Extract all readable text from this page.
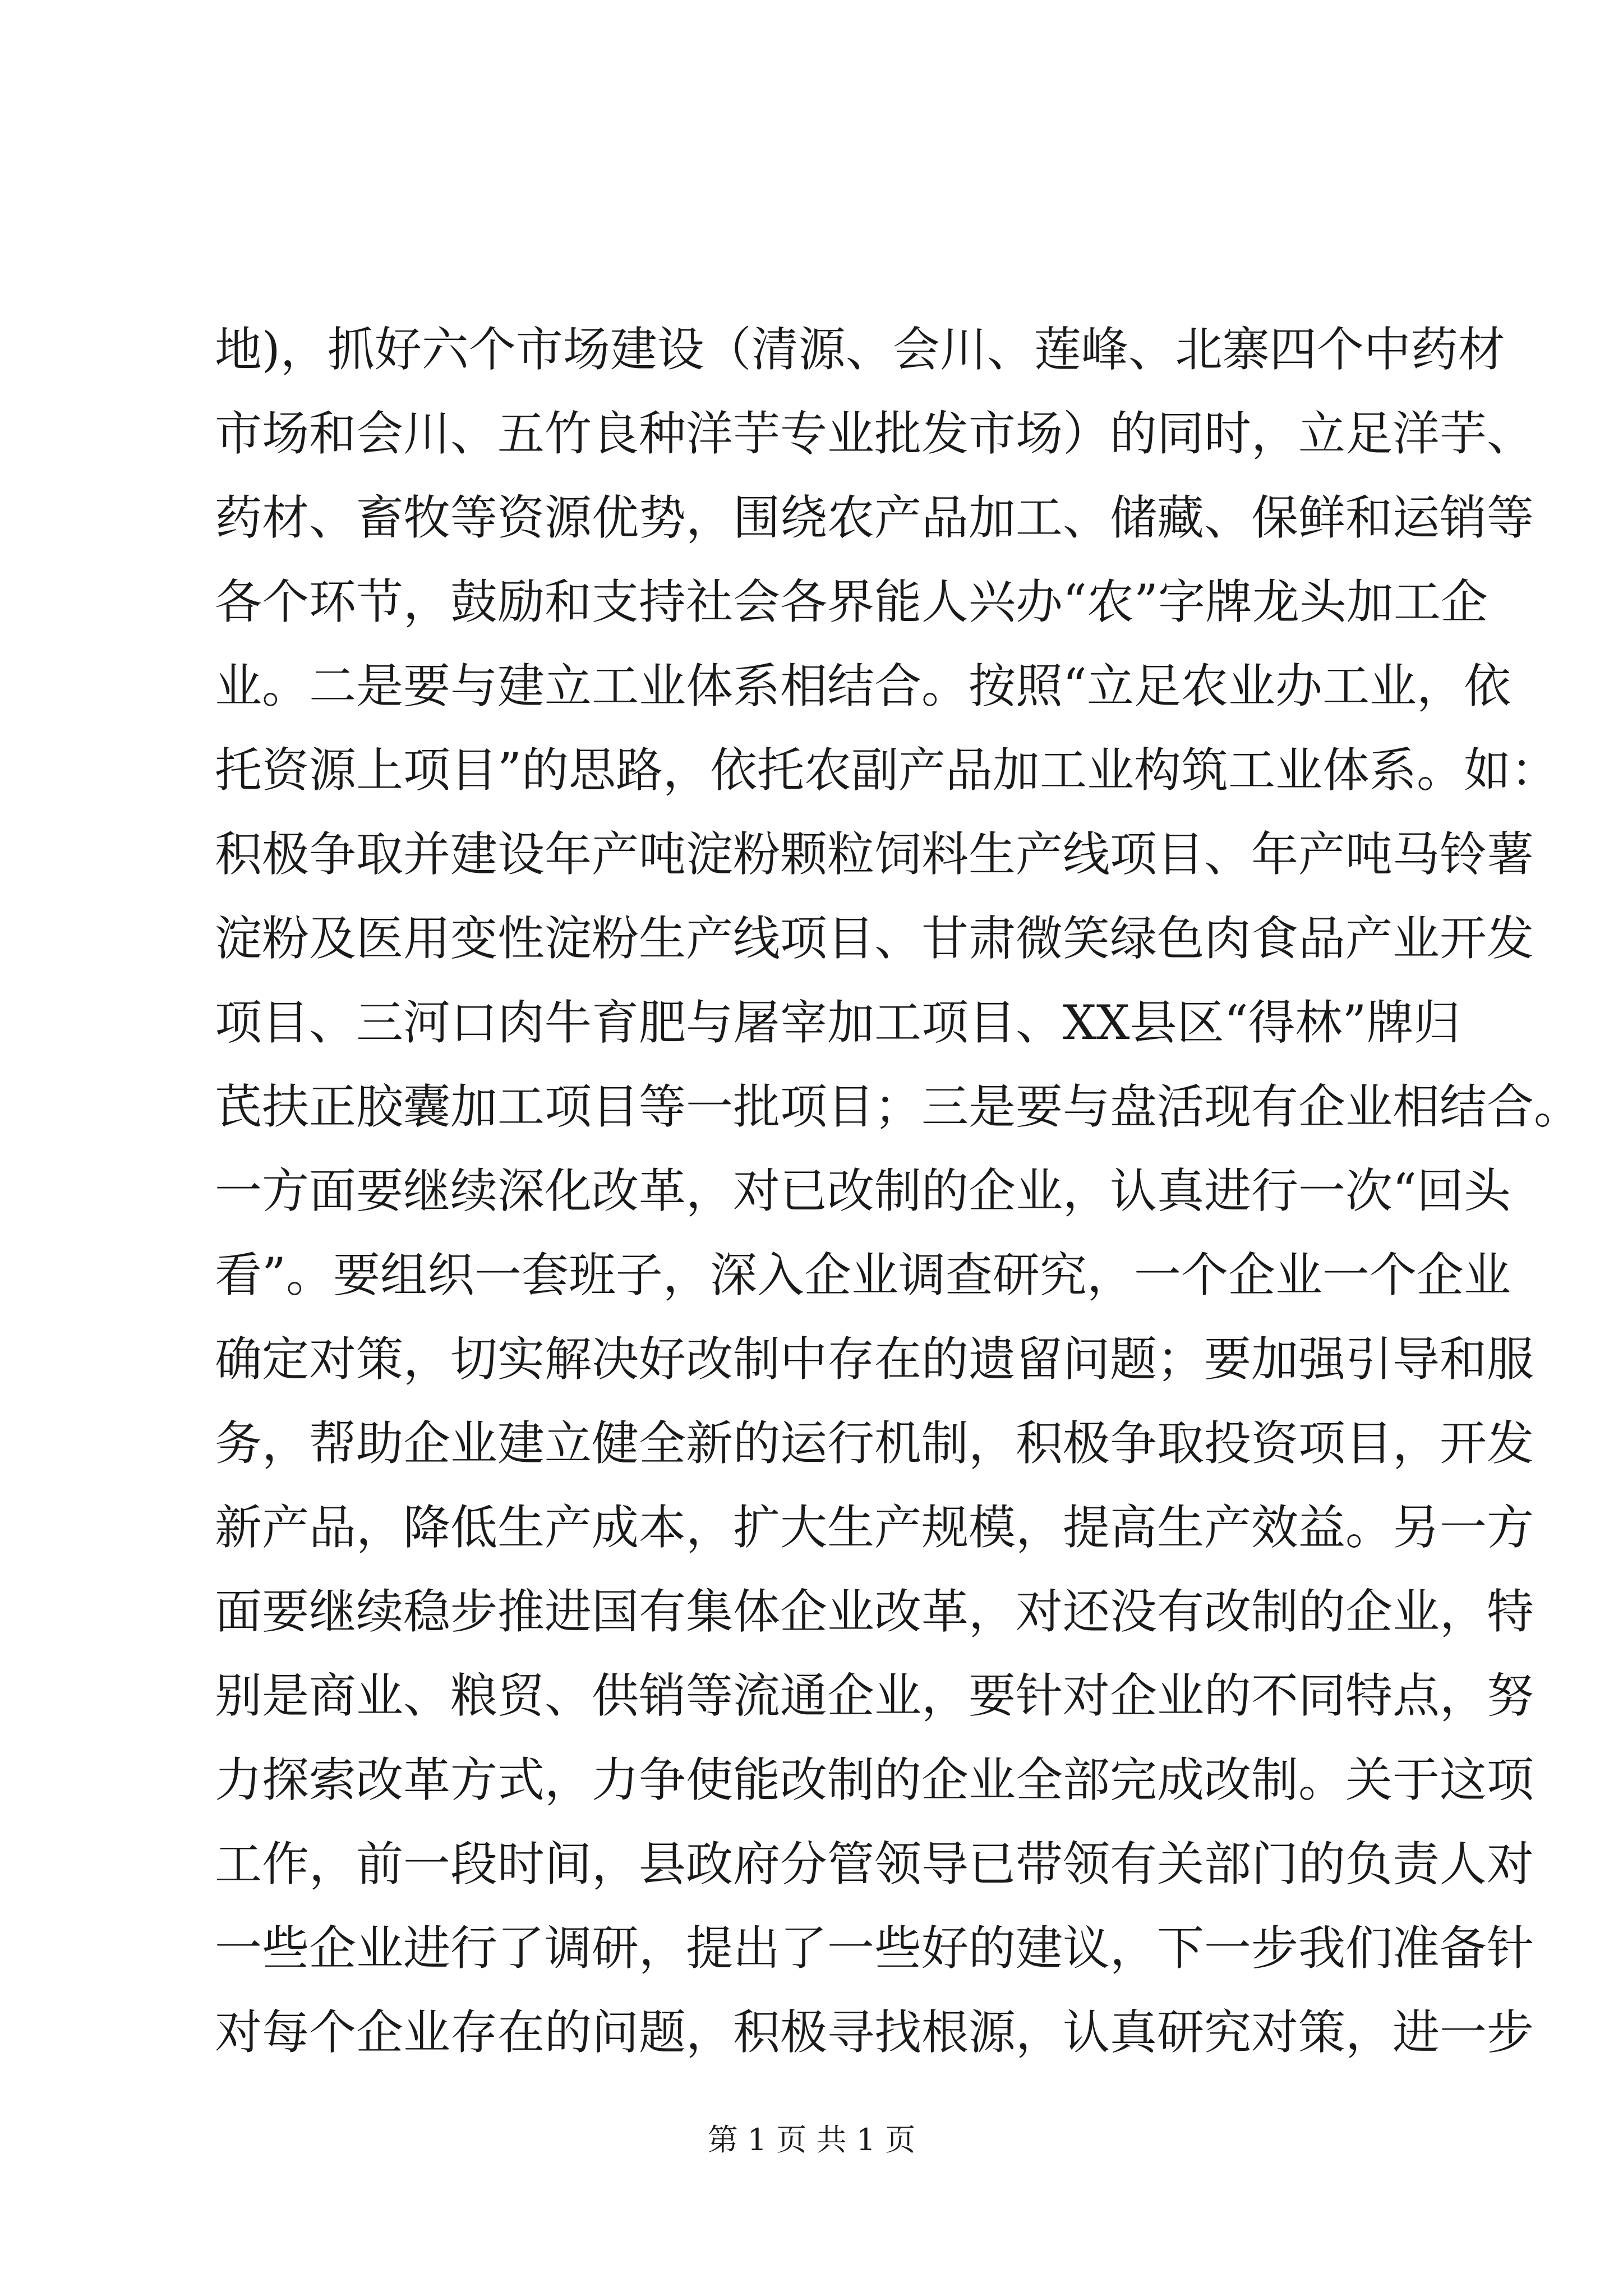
地)，抓好六个市场建设（清源、会川、莲峰、北寨四个中药材
市场和会川、五竹良种洋芋专业批发市场）的同时，立足洋芋、
药材、畜牧等资源优势，围绕农产品加工、储藏、保鲜和运销等
各个环节，鼓励和支持社会各界能人兴办“农”字牌龙头加工企
业。二是要与建立工业体系相结合。按照“立足农业办工业，依
托资源上项目”的思路，依托农副产品加工业构筑工业体系。如：
积极争取并建设年产吨淀粉颗粒饲料生产线项目、年产吨马铃薯
淀粉及医用变性淀粉生产线项目、甘肃微笑绿色肉食品产业开发
项目、三河口肉牛育肥与屠宰加工项目、XX县区“得林”牌归
芪扶正胶囊加工项目等一批项目；三是要与盘活现有企业相结合。
一方面要继续深化改革，对已改制的企业，认真进行一次“回头
看”。要组织一套班子，深入企业调查研究，一个企业一个企业
确定对策，切实解决好改制中存在的遗留问题；要加强引导和服
务，帮助企业建立健全新的运行机制，积极争取投资项目，开发
新产品，降低生产成本，扩大生产规模，提高生产效益。另一方
面要继续稳步推进国有集体企业改革，对还没有改制的企业，特
别是商业、粮贸、供销等流通企业，要针对企业的不同特点，努
力探索改革方式，力争使能改制的企业全部完成改制。关于这项
工作，前一段时间，县政府分管领导已带领有关部门的负责人对
一些企业进行了调研，提出了一些好的建议，下一步我们准备针
对每个企业存在的问题，积极寻找根源，认真研究对策，进一步
第 1 页 共 1 页
